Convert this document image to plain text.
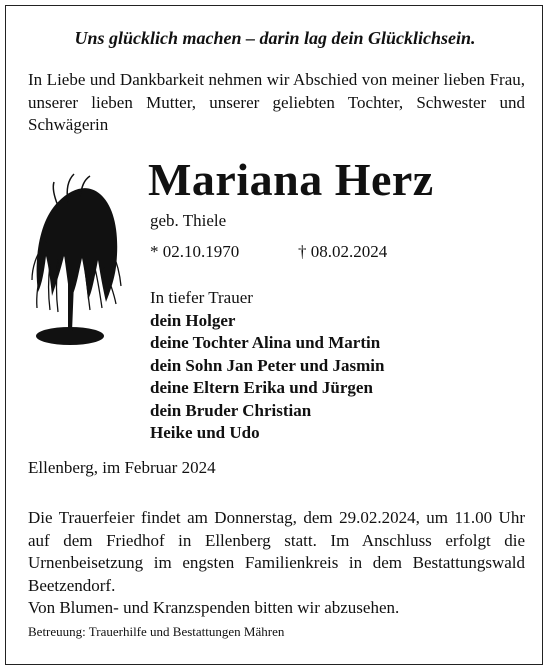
Uns glücklich machen – darin lag dein Glücklichsein.
In Liebe und Dankbarkeit nehmen wir Abschied von meiner lieben Frau, unserer lieben Mutter, unserer geliebten Tochter, Schwester und Schwägerin
Mariana Herz
geb. Thiele
* 02.10.1970	† 08.02.2024
In tiefer Trauer
dein Holger
deine Tochter Alina und Martin
dein Sohn Jan Peter und Jasmin
deine Eltern Erika und Jürgen
dein Bruder Christian
Heike und Udo
Ellenberg, im Februar 2024
Die Trauerfeier findet am Donnerstag, dem 29.02.2024, um 11.00 Uhr auf dem Friedhof in Ellenberg statt. Im Anschluss erfolgt die Urnenbeisetzung im engsten Familienkreis in dem Bestattungswald Beetzendorf.
Von Blumen- und Kranzspenden bitten wir abzusehen.
Betreuung: Trauerhilfe und Bestattungen Mähren
